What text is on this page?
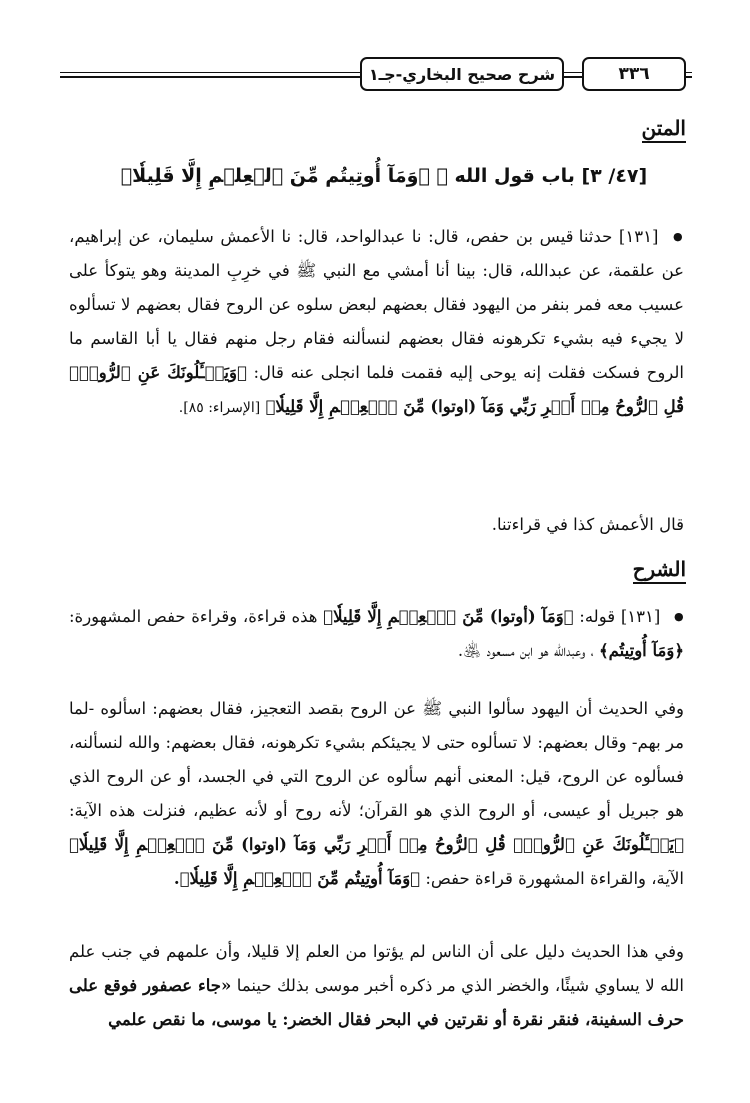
٣٣٦
شرح صحيح البخاري-جـ١
المتن
[٤٧/ ٣] باب قول الله ﷻ ﴿وَمَآ أُوتِيتُم مِّنَ ٱلۡعِلۡمِ إِلَّا قَلِيلٗا﴾
● [١٣١] حدثنا قيس بن حفص، قال: نا عبدالواحد، قال: نا الأعمش سليمان، عن إبراهيم، عن علقمة، عن عبدالله، قال: بينا أنا أمشي مع النبي ﷺ في خرِبِ المدينة وهو يتوكأ على عسيب معه فمر بنفر من اليهود فقال بعضهم لبعض سلوه عن الروح فقال بعضهم لا تسألوه لا يجيء فيه بشيء تكرهونه فقال بعضهم لنسألنه فقام رجل منهم فقال يا أبا القاسم ما الروح فسكت فقلت إنه يوحى إليه فقمت فلما انجلى عنه قال: ﴿وَيَسۡـَٔلُونَكَ عَنِ ٱلرُّوحِۖ قُلِ ٱلرُّوحُ مِنۡ أَمۡرِ رَبِّي وَمَآ (اوتوا) مِّنَ ٱلۡعِلۡمِ إِلَّا قَلِيلٗا﴾ [الإسراء: ٨٥].
قال الأعمش كذا في قراءتنا.
الشرح
● [١٣١] قوله: ﴿وَمَآ (أوتوا) مِّنَ ٱلۡعِلۡمِ إِلَّا قَلِيلٗا﴾ هذه قراءة، وقراءة حفص المشهورة: ﴿وَمَآ أُوتِيتُم﴾ ، وعبدالله هو ابن مسعود ﵁.
وفي الحديث أن اليهود سألوا النبي ﷺ عن الروح بقصد التعجيز، فقال بعضهم: اسألوه -لما مر بهم- وقال بعضهم: لا تسألوه حتى لا يجيئكم بشيء تكرهونه، فقال بعضهم: والله لنسألنه، فسألوه عن الروح، قيل: المعنى أنهم سألوه عن الروح التي في الجسد، أو عن الروح الذي هو جبريل أو عيسى، أو الروح الذي هو القرآن؛ لأنه روح أو لأنه عظيم، فنزلت هذه الآية: ﴿يَسۡـَٔلُونَكَ عَنِ ٱلرُّوحِۖ قُلِ ٱلرُّوحُ مِنۡ أَمۡرِ رَبِّي وَمَآ (اوتوا) مِّنَ ٱلۡعِلۡمِ إِلَّا قَلِيلٗا﴾ الآية، والقراءة المشهورة قراءة حفص: ﴿وَمَآ أُوتِيتُم مِّنَ ٱلۡعِلۡمِ إِلَّا قَلِيلٗا﴾.
وفي هذا الحديث دليل على أن الناس لم يؤتوا من العلم إلا قليلا، وأن علمهم في جنب علم الله لا يساوي شيئًا، والخضر الذي مر ذكره أخبر موسى بذلك حينما «جاء عصفور فوقع على حرف السفينة، فنقر نقرة أو نقرتين في البحر فقال الخضر: يا موسى، ما نقص علمي
